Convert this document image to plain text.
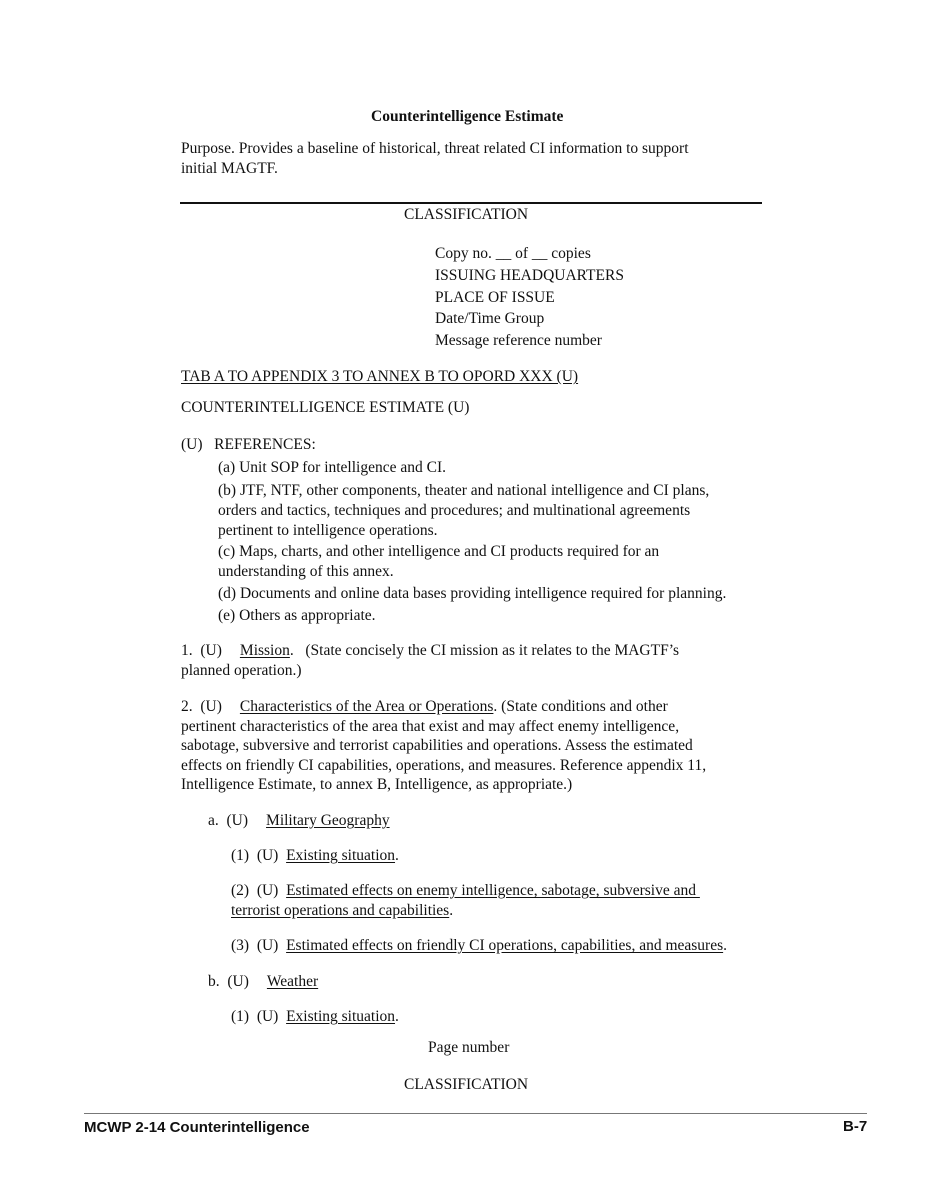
Counterintelligence Estimate
Purpose. Provides a baseline of historical, threat related CI information to support
initial MAGTF.
CLASSIFICATION
Copy no. __ of __ copies
ISSUING HEADQUARTERS
PLACE OF ISSUE
Date/Time Group
Message reference number
TAB A TO APPENDIX 3 TO ANNEX B TO OPORD XXX (U)
COUNTERINTELLIGENCE ESTIMATE (U)
(U)   REFERENCES:
(a) Unit SOP for intelligence and CI.
(b) JTF, NTF, other components, theater and national intelligence and CI plans,
orders and tactics, techniques and procedures; and multinational agreements
pertinent to intelligence operations.
(c) Maps, charts, and other intelligence and CI products required for an
understanding of this annex.
(d) Documents and online data bases providing intelligence required for planning.
(e) Others as appropriate.
1.  (U) Mission.   (State concisely the CI mission as it relates to the MAGTF’s
planned operation.)
2.  (U) Characteristics of the Area or Operations. (State conditions and other
pertinent characteristics of the area that exist and may affect enemy intelligence,
sabotage, subversive and terrorist capabilities and operations. Assess the estimated
effects on friendly CI capabilities, operations, and measures. Reference appendix 11,
Intelligence Estimate, to annex B, Intelligence, as appropriate.)
a.  (U) Military Geography
(1)  (U) Existing situation.
(2)  (U) Estimated effects on enemy intelligence, sabotage, subversive and
terrorist operations and capabilities.
(3)  (U) Estimated effects on friendly CI operations, capabilities, and measures.
b.  (U) Weather
(1)  (U) Existing situation.
Page number
CLASSIFICATION
MCWP 2-14 Counterintelligence	B-7
